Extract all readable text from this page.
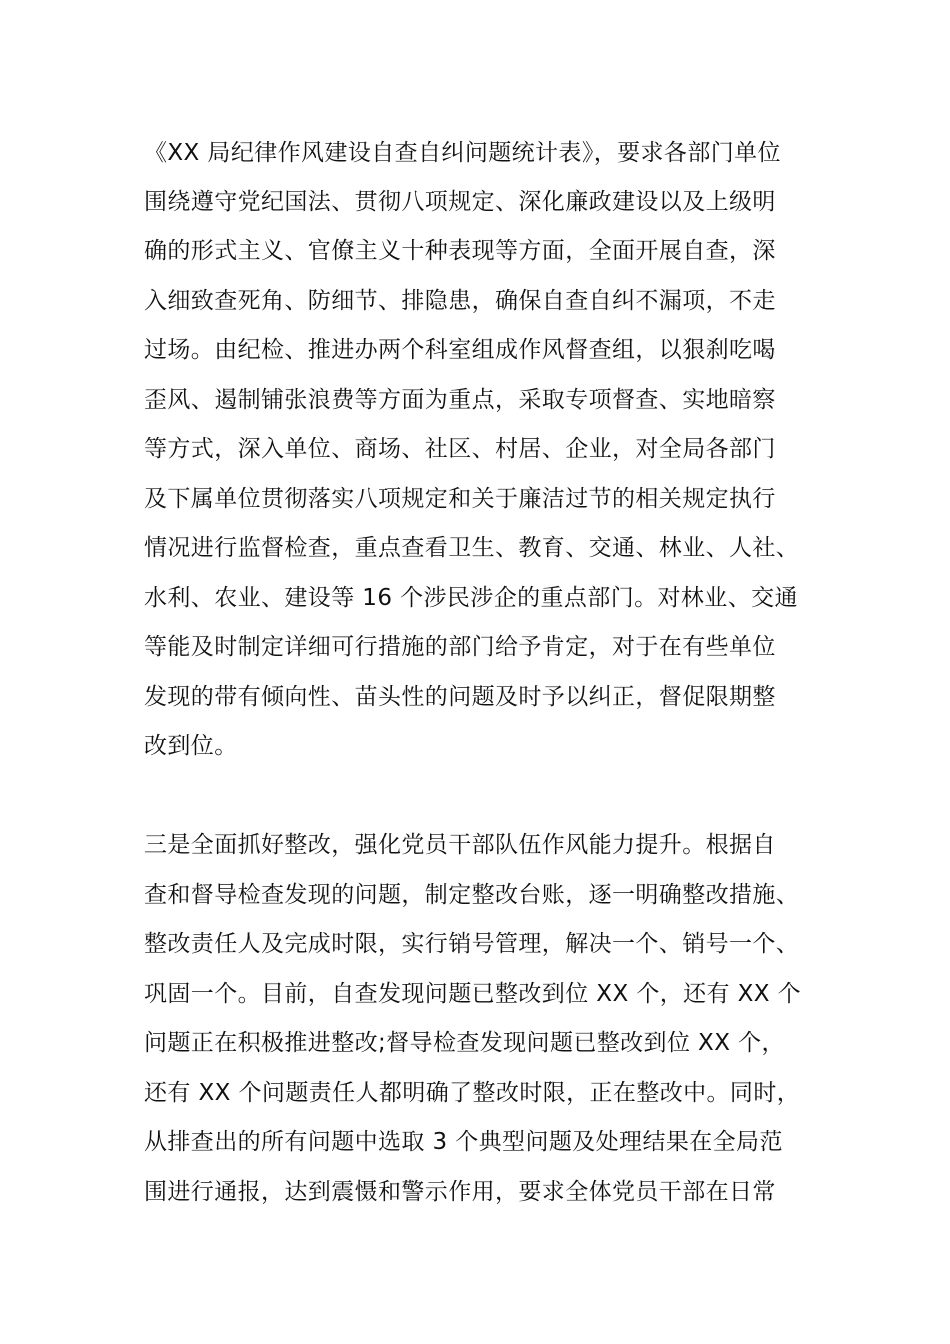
《XX 局纪律作风建设自查自纠问题统计表》，要求各部门单位
围绕遵守党纪国法、贯彻八项规定、深化廉政建设以及上级明
确的形式主义、官僚主义十种表现等方面，全面开展自查，深
入细致查死角、防细节、排隐患，确保自查自纠不漏项，不走
过场。由纪检、推进办两个科室组成作风督查组，以狠刹吃喝
歪风、遏制铺张浪费等方面为重点，采取专项督查、实地暗察
等方式，深入单位、商场、社区、村居、企业，对全局各部门
及下属单位贯彻落实八项规定和关于廉洁过节的相关规定执行
情况进行监督检查，重点查看卫生、教育、交通、林业、人社、
水利、农业、建设等 16 个涉民涉企的重点部门。对林业、交通
等能及时制定详细可行措施的部门给予肯定，对于在有些单位
发现的带有倾向性、苗头性的问题及时予以纠正，督促限期整
改到位。
三是全面抓好整改，强化党员干部队伍作风能力提升。根据自
查和督导检查发现的问题，制定整改台账，逐一明确整改措施、
整改责任人及完成时限，实行销号管理，解决一个、销号一个、
巩固一个。目前，自查发现问题已整改到位 XX 个，还有 XX 个
问题正在积极推进整改;督导检查发现问题已整改到位 XX 个，
还有 XX 个问题责任人都明确了整改时限，正在整改中。同时，
从排查出的所有问题中选取 3 个典型问题及处理结果在全局范
围进行通报，达到震慑和警示作用，要求全体党员干部在日常
